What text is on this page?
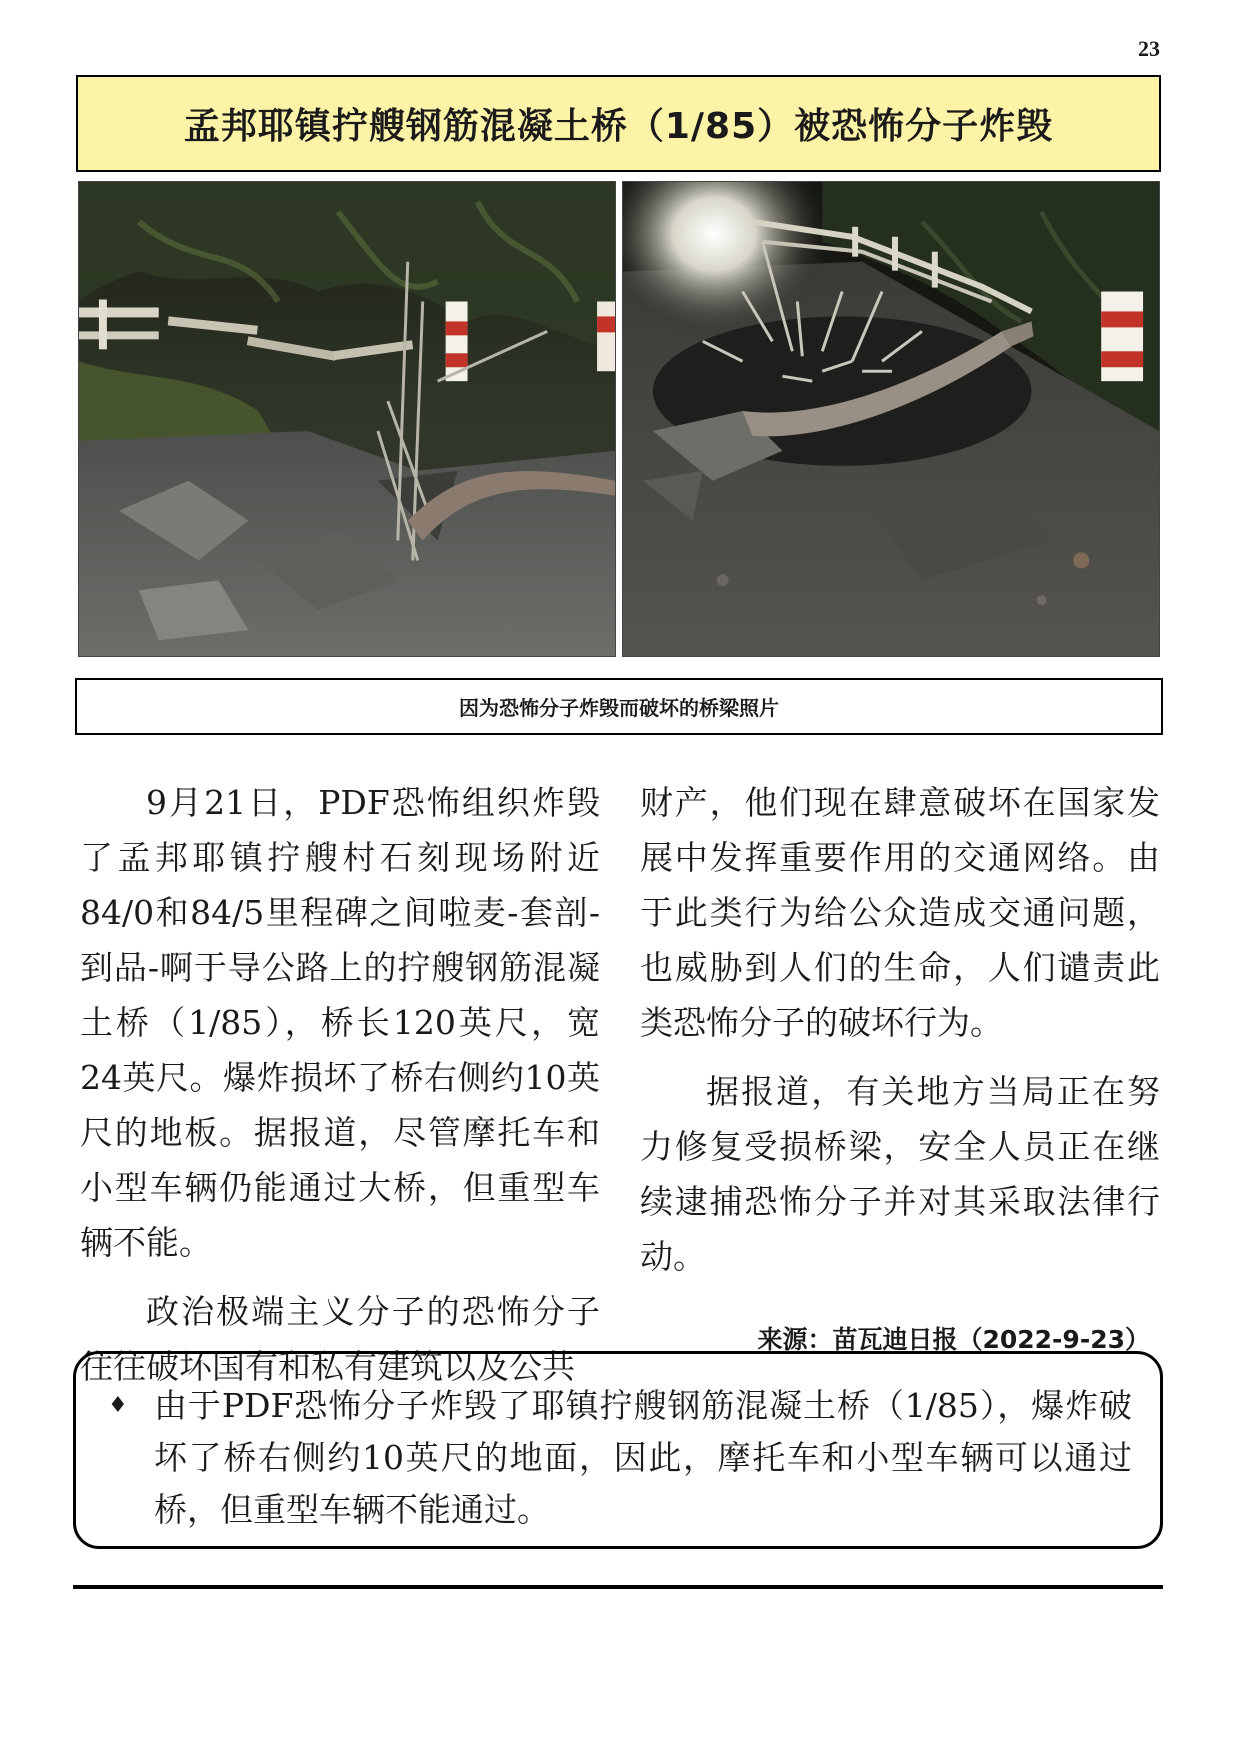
23
孟邦耶镇拧艘钢筋混凝土桥（1/85）被恐怖分子炸毁
因为恐怖分子炸毁而破坏的桥梁照片

9月21日，PDF恐怖组织炸毁了孟邦耶镇拧艘村石刻现场附近84/0和84/5里程碑之间啦麦-套剖-到品-啊于导公路上的拧艘钢筋混凝土桥（1/85），桥长120英尺，宽24英尺。爆炸损坏了桥右侧约10英尺的地板。据报道，尽管摩托车和小型车辆仍能通过大桥，但重型车辆不能。

政治极端主义分子的恐怖分子往往破坏国有和私有建筑以及公共

财产，他们现在肆意破坏在国家发展中发挥重要作用的交通网络。由于此类行为给公众造成交通问题，也威胁到人们的生命，人们谴责此类恐怖分子的破坏行为。

据报道，有关地方当局正在努力修复受损桥梁，安全人员正在继续逮捕恐怖分子并对其采取法律行动。

来源：苗瓦迪日报（2022-9-23）
♦ 由于PDF恐怖分子炸毁了耶镇拧艘钢筋混凝土桥（1/85），爆炸破坏了桥右侧约10英尺的地面，因此，摩托车和小型车辆可以通过桥，但重型车辆不能通过。
